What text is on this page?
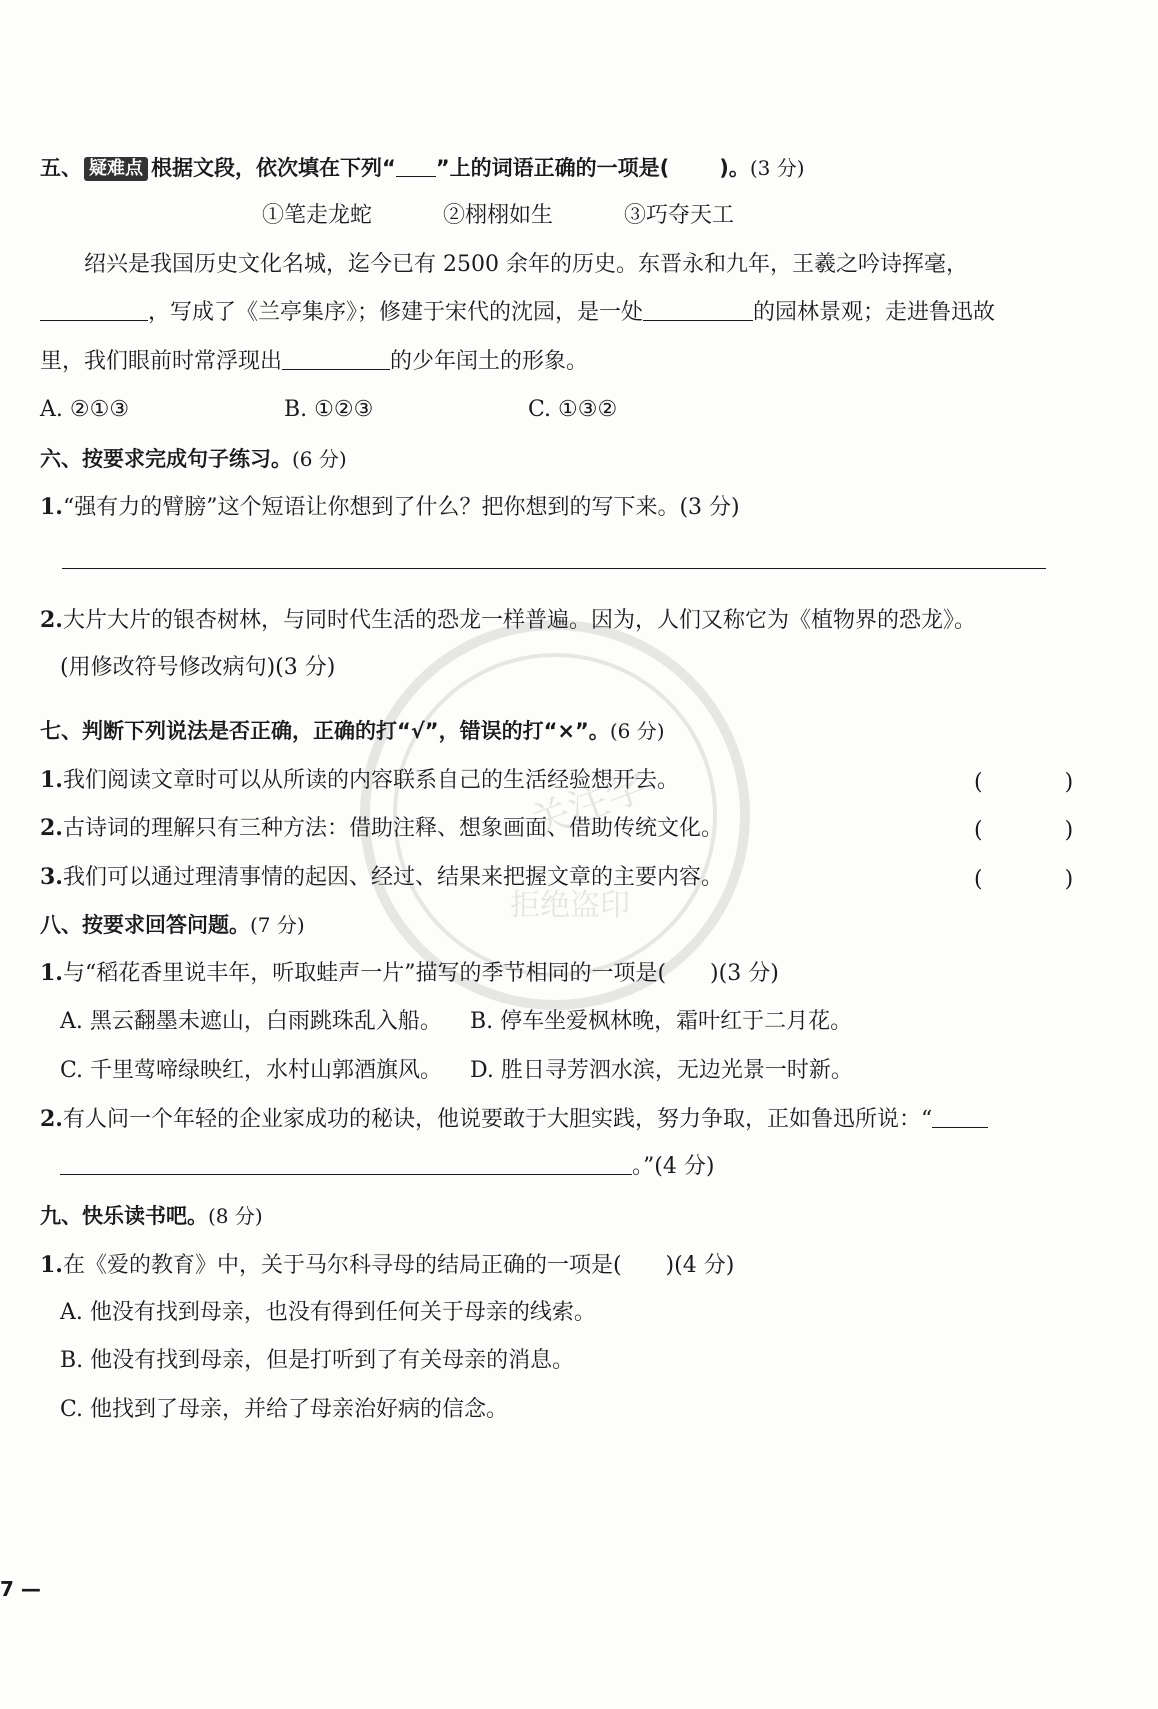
关注学
拒绝盗印
五、 疑难点 根据文段，依次填在下列“ ”上的词语正确的一项是( )。(3 分)
①笔走龙蛇	②栩栩如生	③巧夺天工
绍兴是我国历史文化名城，迄今已有 2500 余年的历史。东晋永和九年，王羲之吟诗挥毫，
，写成了《兰亭集序》；修建于宋代的沈园，是一处	的园林景观；走进鲁迅故
里，我们眼前时常浮现出	的少年闰土的形象。
A. ②①③	B. ①②③	C. ①③②
六、按要求完成句子练习。(6 分)
1.“强有力的臂膀”这个短语让你想到了什么？把你想到的写下来。(3 分)
2.大片大片的银杏树林，与同时代生活的恐龙一样普遍。因为，人们又称它为《植物界的恐龙》。
(用修改符号修改病句)(3 分)
七、判断下列说法是否正确，正确的打“√”，错误的打“×”。(6 分)
1.我们阅读文章时可以从所读的内容联系自己的生活经验想开去。	(　)
2.古诗词的理解只有三种方法：借助注释、想象画面、借助传统文化。	(　)
3.我们可以通过理清事情的起因、经过、结果来把握文章的主要内容。	(　)
八、按要求回答问题。(7 分)
1.与“稻花香里说丰年，听取蛙声一片”描写的季节相同的一项是(　　)(3 分)
A. 黑云翻墨未遮山，白雨跳珠乱入船。 B. 停车坐爱枫林晚，霜叶红于二月花。
C. 千里莺啼绿映红，水村山郭酒旗风。 D. 胜日寻芳泗水滨，无边光景一时新。
2.有人问一个年轻的企业家成功的秘诀，他说要敢于大胆实践，努力争取，正如鲁迅所说：“
。”(4 分)
九、快乐读书吧。(8 分)
1.在《爱的教育》中，关于马尔科寻母的结局正确的一项是(　　)(4 分)
A. 他没有找到母亲，也没有得到任何关于母亲的线索。
B. 他没有找到母亲，但是打听到了有关母亲的消息。
C. 他找到了母亲，并给了母亲治好病的信念。
7 —
